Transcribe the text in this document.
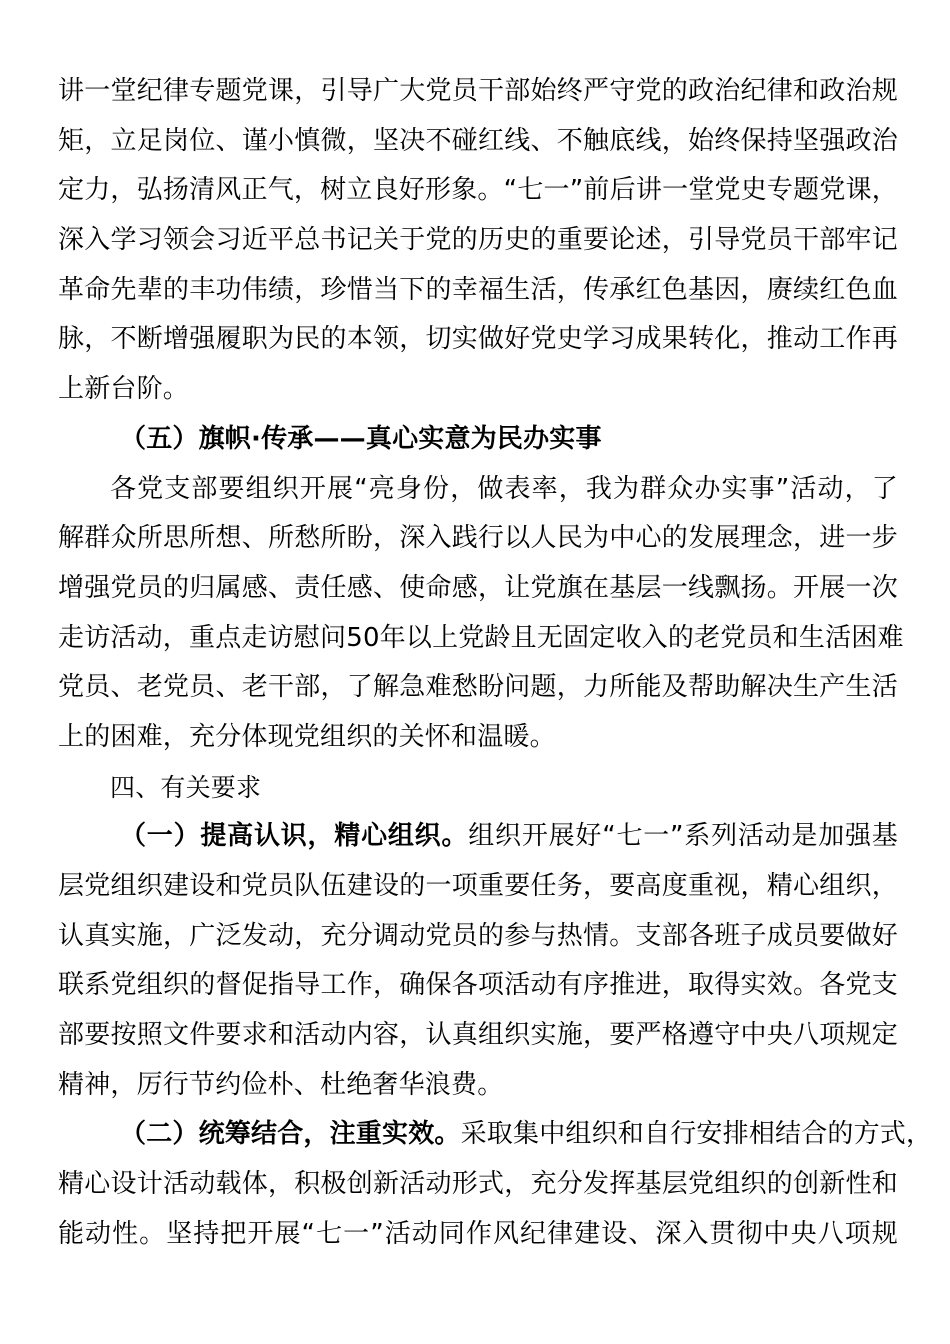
讲一堂纪律专题党课，引导广大党员干部始终严守党的政治纪律和政治规
矩，立足岗位、谨小慎微，坚决不碰红线、不触底线，始终保持坚强政治
定力，弘扬清风正气，树立良好形象。“七一”前后讲一堂党史专题党课，
深入学习领会习近平总书记关于党的历史的重要论述，引导党员干部牢记
革命先辈的丰功伟绩，珍惜当下的幸福生活，传承红色基因，赓续红色血
脉，不断增强履职为民的本领，切实做好党史学习成果转化，推动工作再
上新台阶。
（五）旗帜·传承——真心实意为民办实事
各党支部要组织开展“亮身份，做表率，我为群众办实事”活动，了
解群众所思所想、所愁所盼，深入践行以人民为中心的发展理念，进一步
增强党员的归属感、责任感、使命感，让党旗在基层一线飘扬。开展一次
走访活动，重点走访慰问50年以上党龄且无固定收入的老党员和生活困难
党员、老党员、老干部，了解急难愁盼问题，力所能及帮助解决生产生活
上的困难，充分体现党组织的关怀和温暖。
四、有关要求
（一）提高认识，精心组织。组织开展好“七一”系列活动是加强基
层党组织建设和党员队伍建设的一项重要任务，要高度重视，精心组织，
认真实施，广泛发动，充分调动党员的参与热情。支部各班子成员要做好
联系党组织的督促指导工作，确保各项活动有序推进，取得实效。各党支
部要按照文件要求和活动内容，认真组织实施，要严格遵守中央八项规定
精神，厉行节约俭朴、杜绝奢华浪费。
（二）统筹结合，注重实效。采取集中组织和自行安排相结合的方式，
精心设计活动载体，积极创新活动形式，充分发挥基层党组织的创新性和
能动性。坚持把开展“七一”活动同作风纪律建设、深入贯彻中央八项规
